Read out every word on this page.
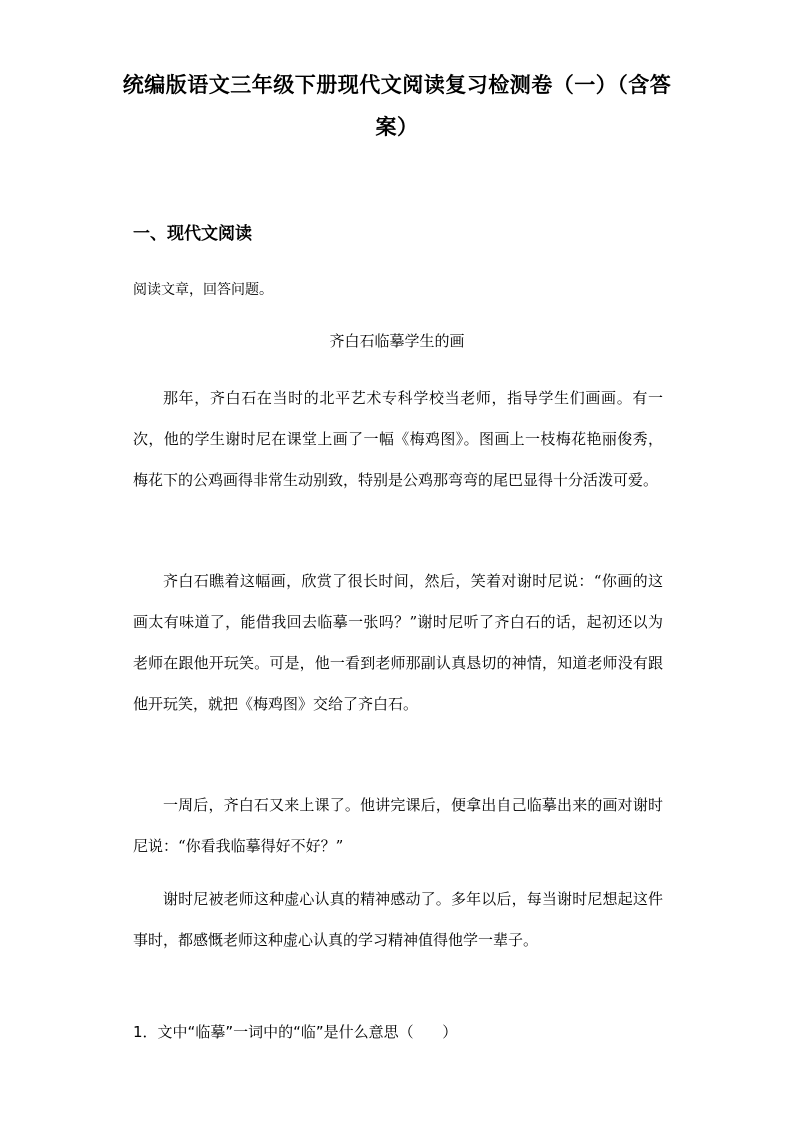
统编版语文三年级下册现代文阅读复习检测卷（一）（含答案）
一、现代文阅读
阅读文章，回答问题。
齐白石临摹学生的画

那年，齐白石在当时的北平艺术专科学校当老师，指导学生们画画。有一次，他的学生谢时尼在课堂上画了一幅《梅鸡图》。图画上一枝梅花艳丽俊秀，梅花下的公鸡画得非常生动别致，特别是公鸡那弯弯的尾巴显得十分活泼可爱。

齐白石瞧着这幅画，欣赏了很长时间，然后，笑着对谢时尼说：“你画的这画太有味道了，能借我回去临摹一张吗？”谢时尼听了齐白石的话，起初还以为老师在跟他开玩笑。可是，他一看到老师那副认真恳切的神情，知道老师没有跟他开玩笑，就把《梅鸡图》交给了齐白石。

一周后，齐白石又来上课了。他讲完课后，便拿出自己临摹出来的画对谢时尼说：“你看我临摹得好不好？”

谢时尼被老师这种虚心认真的精神感动了。多年以后，每当谢时尼想起这件事时，都感慨老师这种虚心认真的学习精神值得他学一辈子。

1．文中“临摹”一词中的“临”是什么意思（      ）
